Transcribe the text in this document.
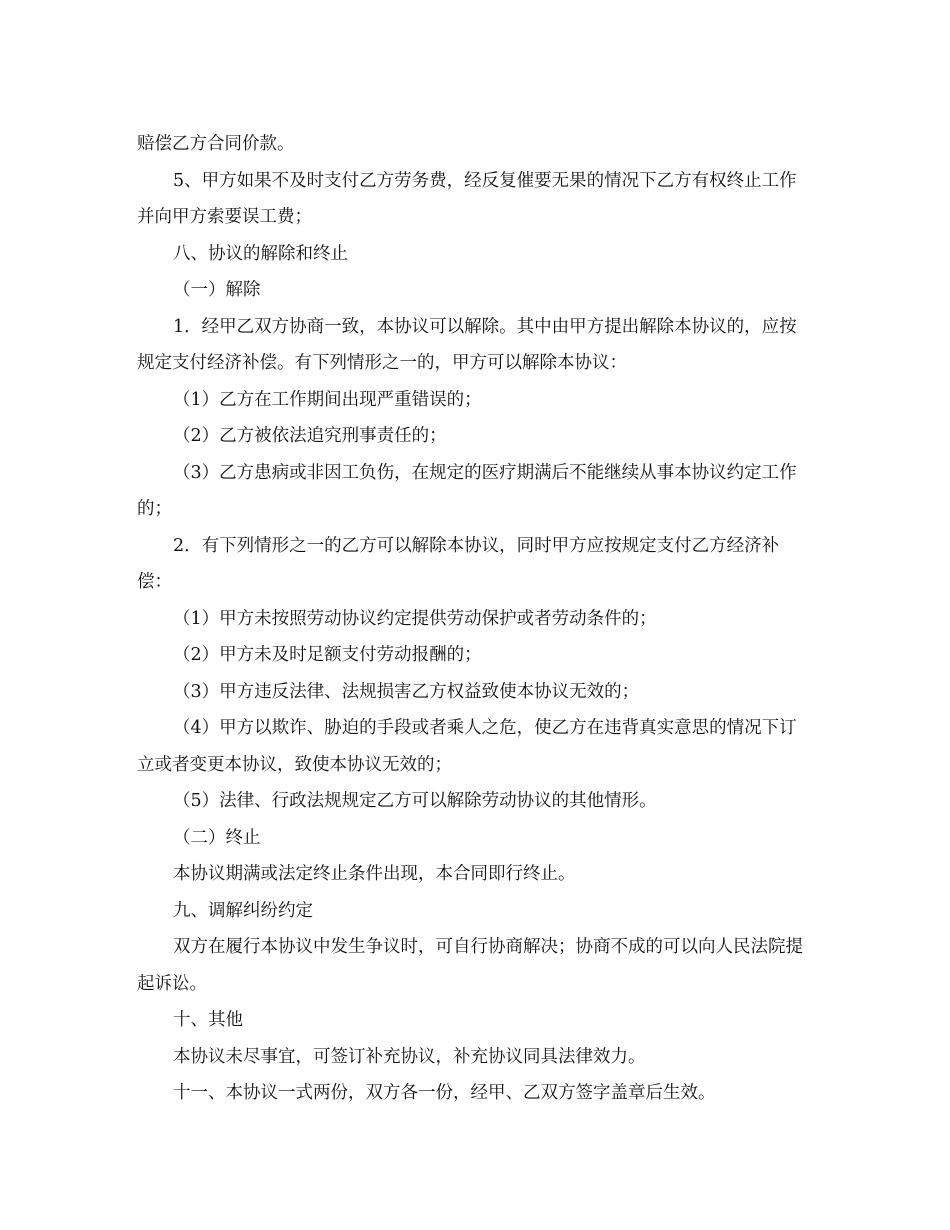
赔偿乙方合同价款。

5、甲方如果不及时支付乙方劳务费，经反复催要无果的情况下乙方有权终止工作并向甲方索要误工费；

八、协议的解除和终止

（一）解除

1．经甲乙双方协商一致，本协议可以解除。其中由甲方提出解除本协议的，应按规定支付经济补偿。有下列情形之一的，甲方可以解除本协议：

（1）乙方在工作期间出现严重错误的；

（2）乙方被依法追究刑事责任的；

（3）乙方患病或非因工负伤，在规定的医疗期满后不能继续从事本协议约定工作的；

2．有下列情形之一的乙方可以解除本协议，同时甲方应按规定支付乙方经济补偿：

（1）甲方未按照劳动协议约定提供劳动保护或者劳动条件的；

（2）甲方未及时足额支付劳动报酬的；

（3）甲方违反法律、法规损害乙方权益致使本协议无效的；

（4）甲方以欺诈、胁迫的手段或者乘人之危，使乙方在违背真实意思的情况下订立或者变更本协议，致使本协议无效的；

（5）法律、行政法规规定乙方可以解除劳动协议的其他情形。

（二）终止

本协议期满或法定终止条件出现，本合同即行终止。

九、调解纠纷约定

双方在履行本协议中发生争议时，可自行协商解决；协商不成的可以向人民法院提起诉讼。

十、其他

本协议未尽事宜，可签订补充协议，补充协议同具法律效力。

十一、本协议一式两份，双方各一份，经甲、乙双方签字盖章后生效。
